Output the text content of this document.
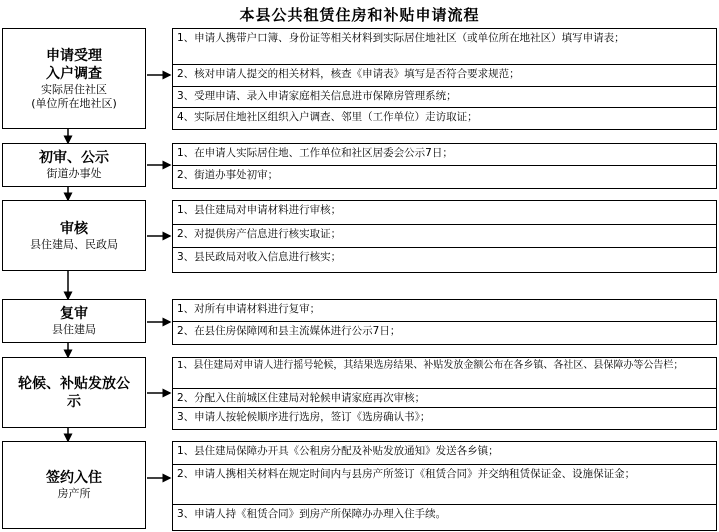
本县公共租赁住房和补贴申请流程
申请受理
入户调查
实际居住社区
(单位所在地社区)
1、申请人携带户口簿、身份证等相关材料到实际居住地社区（或单位所在地社区）填写申请表；
2、核对申请人提交的相关材料，核查《申请表》填写是否符合要求规范；
3、受理申请、录入申请家庭相关信息进市保障房管理系统；
4、实际居住地社区组织入户调查、邻里（工作单位）走访取证；
初审、公示
街道办事处
1、在申请人实际居住地、工作单位和社区居委会公示7日；
2、街道办事处初审；
审核
县住建局、民政局
1、县住建局对申请材料进行审核；
2、对提供房产信息进行核实取证；
3、县民政局对收入信息进行核实；
复审
县住建局
1、对所有申请材料进行复审；
2、在县住房保障网和县主流媒体进行公示7日；
轮候、补贴发放公
示
1、县住建局对申请人进行摇号轮候，其结果选房结果、补贴发放金额公布在各乡镇、各社区、县保障办等公告栏；
2、分配入住前城区住建局对轮候申请家庭再次审核；
3、申请人按轮候顺序进行选房，签订《选房确认书》；
签约入住
房产所
1、县住建局保障办开具《公租房分配及补贴发放通知》发送各乡镇；
2、申请人携相关材料在规定时间内与县房产所签订《租赁合同》并交纳租赁保证金、设施保证金；
3、申请人持《租赁合同》到房产所保障办办理入住手续。
